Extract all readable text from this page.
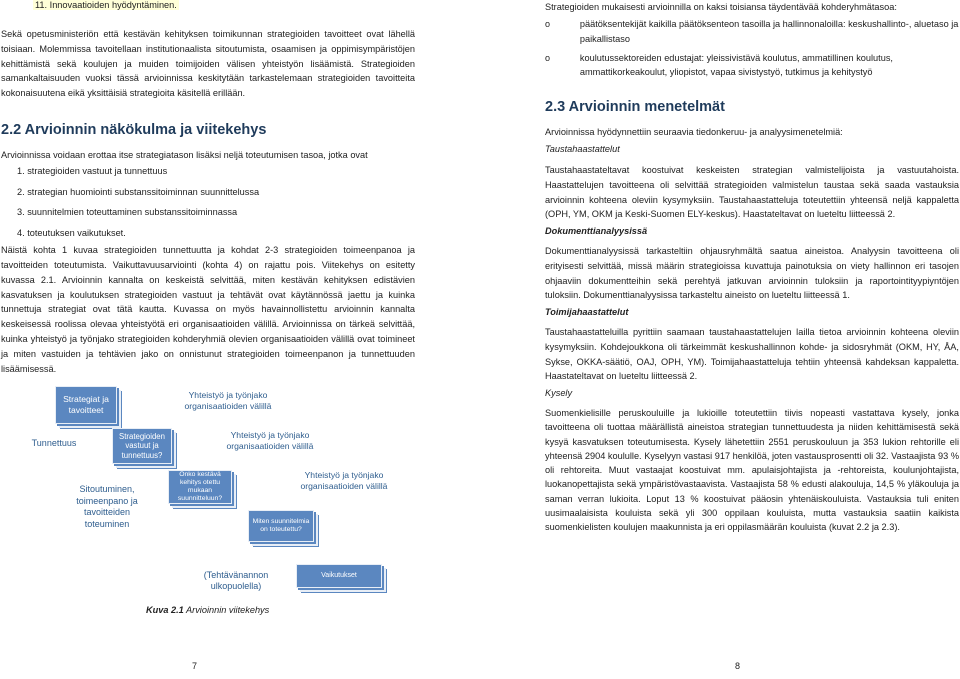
11. Innovaatioiden hyödyntäminen.
Sekä opetusministeriön että kestävän kehityksen toimikunnan strategioiden tavoitteet ovat lähellä toisiaan. Molemmissa tavoitellaan institutionaalista sitoutumista, osaamisen ja oppimisympäristöjen kehittämistä sekä koulujen ja muiden toimijoiden välisen yhteistyön lisäämistä. Strategioiden samankaltaisuuden vuoksi tässä arvioinnissa keskitytään tarkastelemaan strategioiden tavoitteita kokonaisuutena eikä yksittäisiä strategioita käsitellä erillään.
2.2 Arvioinnin näkökulma ja viitekehys
Arvioinnissa voidaan erottaa itse strategiatason lisäksi neljä toteutumisen tasoa, jotka ovat
1. strategioiden vastuut ja tunnettuus
2. strategian huomiointi substanssitoiminnan suunnittelussa
3. suunnitelmien toteuttaminen substanssitoiminnassa
4. toteutuksen vaikutukset.
Näistä kohta 1 kuvaa strategioiden tunnettuutta ja kohdat 2-3 strategioiden toimeenpanoa ja tavoitteiden toteutumista. Vaikuttavuusarviointi (kohta 4) on rajattu pois. Viitekehys on esitetty kuvassa 2.1. Arvioinnin kannalta on keskeistä selvittää, miten kestävän kehityksen edistävien kasvatuksen ja koulutuksen strategioiden vastuut ja tehtävät ovat käytännössä jaettu ja kuinka tunnettuja strategiat ovat tätä kautta. Kuvassa on myös havainnollistettu arvioinnin kannalta keskeisessä roolissa olevaa yhteistyötä eri organisaatioiden välillä. Arvioinnissa on tärkeä selvittää, kuinka yhteistyö ja työnjako strategioiden kohderyhmiä olevien organisaatioiden välillä ovat toimineet ja miten vastuiden ja tehtävien jako on onnistunut strategioiden toimeenpanon ja tunnettuuden lisäämisessä.
Strategiat ja tavoitteet
Strategioiden vastuut ja tunnettuus?
Onko kestävä kehitys otettu mukaan suunnitteluun?
Miten suunnitelmia on toteutettu?
Vaikutukset
Tunnettuus
Sitoutuminen, toimeenpano ja tavoitteiden toteuminen
Yhteistyö ja työnjako organisaatioiden välillä
Yhteistyö ja työnjako organisaatioiden välillä
Yhteistyö ja työnjako organisaatioiden välillä
(Tehtävänannon ulkopuolella)
Kuva 2.1 Arvioinnin viitekehys
7
Strategioiden mukaisesti arvioinnilla on kaksi toisiansa täydentävää kohderyhmätasoa:
o	päätöksentekijät kaikilla päätöksenteon tasoilla ja hallinnonaloilla: keskushallinto-, aluetaso ja paikallistaso
o	koulutussektoreiden edustajat: yleissivistävä koulutus, ammatillinen koulutus, ammattikorkeakoulut, yliopistot, vapaa sivistystyö, tutkimus ja kehitystyö
2.3 Arvioinnin menetelmät
Arvioinnissa hyödynnettiin seuraavia tiedonkeruu- ja analyysimenetelmiä:
Taustahaastattelut
Taustahaastateltavat koostuivat keskeisten strategian valmistelijoista ja vastuutahoista. Haastattelujen tavoitteena oli selvittää strategioiden valmistelun taustaa sekä saada vastauksia arvioinnin kohteena oleviin kysymyksiin. Taustahaastatteluja toteutettiin yhteensä neljä kappaletta (OPH, YM, OKM ja Keski-Suomen ELY-keskus). Haastateltavat on lueteltu liitteessä 2.
Dokumenttianalyysissä
Dokumenttianalyysissä tarkasteltiin ohjausryhmältä saatua aineistoa. Analyysin tavoitteena oli erityisesti selvittää, missä määrin strategioissa kuvattuja painotuksia on viety hallinnon eri tasojen ohjaaviin dokumentteihin sekä perehtyä jatkuvan arvioinnin tuloksiin ja raportointityypiyntöjen tuloksiin. Dokumenttianalyysissa tarkasteltu aineisto on lueteltu liitteessä 1.
Toimijahaastattelut
Taustahaastatteluilla pyrittiin saamaan taustahaastattelujen lailla tietoa arvioinnin kohteena oleviin kysymyksiin. Kohdejoukkona oli tärkeimmät keskushallinnon kohde- ja sidosryhmät (OKM, HY, ÅA, Sykse, OKKA-säätiö, OAJ, OPH, YM). Toimijahaastatteluja tehtiin yhteensä kahdeksan kappaletta. Haastateltavat on lueteltu liitteessä 2.
Kysely
Suomenkielisille peruskouluille ja lukioille toteutettiin tiivis nopeasti vastattava kysely, jonka tavoitteena oli tuottaa määrällistä aineistoa strategian tunnettuudesta ja niiden kehittämisestä sekä kysyä kasvatuksen toteutumisesta. Kysely lähetettiin 2551 peruskouluun ja 353 lukion rehtorille eli yhteensä 2904 koululle. Kyselyyn vastasi 917 henkilöä, joten vastausprosentti oli 32. Vastaajista 93 % oli rehtoreita. Muut vastaajat koostuivat mm. apulaisjohtajista ja -rehtoreista, koulunjohtajista, luokanopettajista sekä ympäristövastaavista. Vastaajista 58 % edusti alakouluja, 14,5 % yläkouluja ja saman verran lukioita. Loput 13 % koostuivat pääosin yhtenäiskouluista. Vastauksia tuli eniten uusimaalaisista kouluista sekä yli 300 oppilaan kouluista, mutta vastauksia saatiin kaikista suomenkielisten koulujen maakunnista ja eri oppilasmäärän kouluista (kuvat 2.2 ja 2.3).
8
